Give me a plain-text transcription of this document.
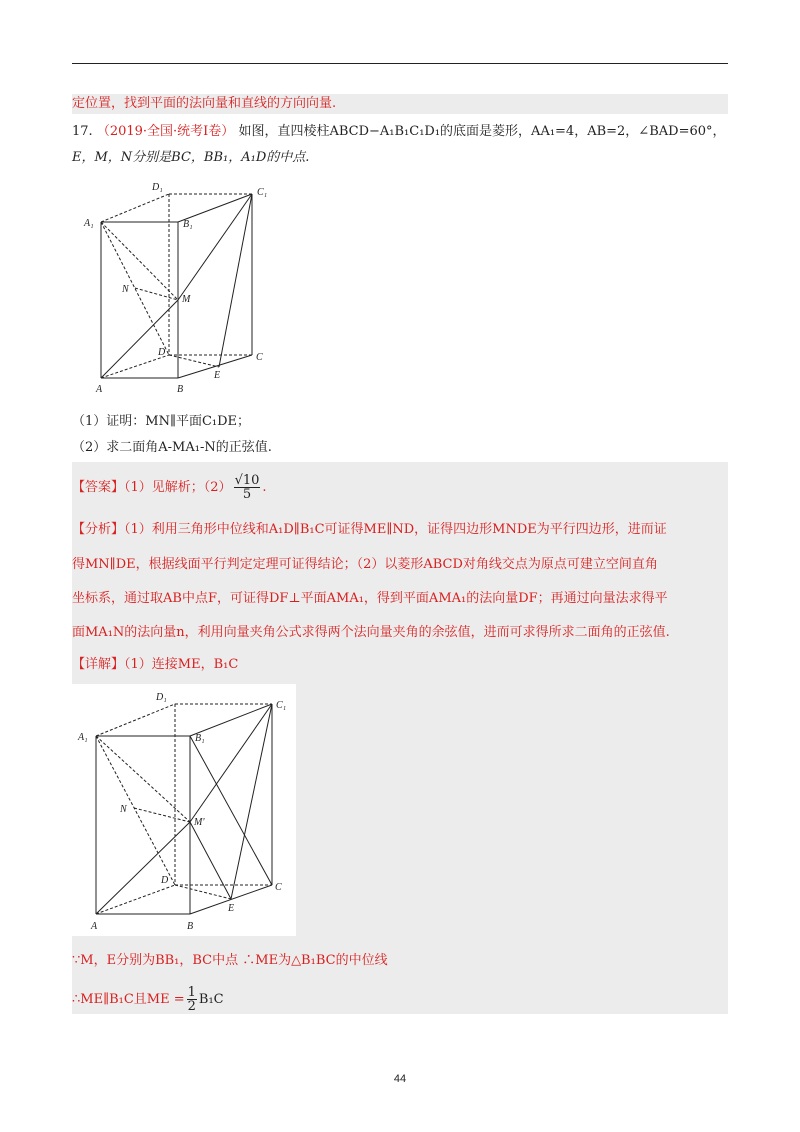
定位置，找到平面的法向量和直线的方向向量.
17. （2019·全国·统考Ⅰ卷） 如图，直四棱柱ABCD−A₁B₁C₁D₁的底面是菱形，AA₁=4，AB=2，∠BAD=60°，
E，M，N分别是BC，BB₁，A₁D的中点.
D₁	C₁
A₁	B₁
N
M
D	C
E
A	B
（1）证明：MN∥平面C₁DE；
（2）求二面角A-MA₁-N的正弦值.
【答案】（1）见解析；$(2) \frac{√10}{5}$ .
【分析】（1）利用三角形中位线和A₁D∥B₁C可证得ME∥ND，证得四边形MNDE为平行四边形，进而证
得MN∥DE，根据线面平行判定定理可证得结论；（2）以菱形ABCD对角线交点为原点可建立空间直角
坐标系，通过取AB中点F，可证得DF⊥平面AMA₁，得到平面AMA₁的法向量DF；再通过向量法求得平
面MA₁N的法向量n，利用向量夹角公式求得两个法向量夹角的余弦值，进而可求得所求二面角的正弦值.
【详解】（1）连接ME，B₁C
D₁
C₁
A₁	B₁
N
M'
D
C
E
A	B
∵M，E分别为BB₁，BC中点 ∴ME为△B₁BC的中位线
∴ME∥B₁C且ME = $\frac{1}{2} B_1C$
44
